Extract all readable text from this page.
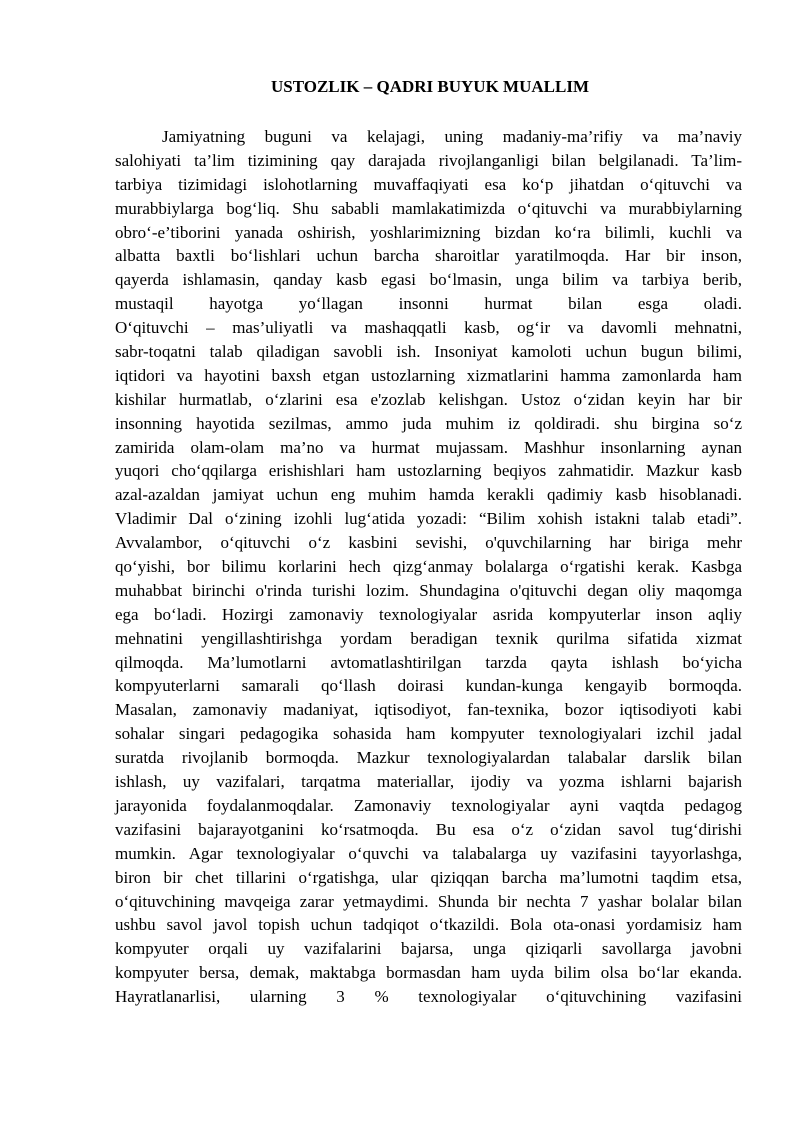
USTOZLIK – QADRI BUYUK MUALLIM
Jamiyatning buguni va kelajagi, uning madaniy-ma’rifiy va ma’naviy
salohiyati ta’lim tizimining qay darajada rivojlanganligi bilan belgilanadi. Ta’lim-
tarbiya tizimidagi islohotlarning muvaffaqiyati esa ko‘p jihatdan o‘qituvchi va
murabbiylarga bog‘liq. Shu sababli mamlakatimizda o‘qituvchi va murabbiylarning
obro‘-e’tiborini yanada oshirish, yoshlarimizning bizdan ko‘ra bilimli, kuchli va
albatta baxtli bo‘lishlari uchun barcha sharoitlar yaratilmoqda. Har bir inson,
qayerda ishlamasin, qanday kasb egasi bo‘lmasin, unga bilim va tarbiya berib,
mustaqil hayotga yo‘llagan insonni hurmat bilan esga oladi.
O‘qituvchi – mas’uliyatli va mashaqqatli kasb, og‘ir va davomli mehnatni,
sabr-toqatni talab qiladigan savobli ish. Insoniyat kamoloti uchun bugun bilimi,
iqtidori va hayotini baxsh etgan ustozlarning xizmatlarini hamma zamonlarda ham
kishilar hurmatlab, o‘zlarini esa e'zozlab kelishgan. Ustoz o‘zidan keyin har bir
insonning hayotida sezilmas, ammo juda muhim iz qoldiradi. shu birgina so‘z
zamirida olam-olam ma’no va hurmat mujassam. Mashhur insonlarning aynan
yuqori cho‘qqilarga erishishlari ham ustozlarning beqiyos zahmatidir. Mazkur kasb
azal-azaldan jamiyat uchun eng muhim hamda kerakli qadimiy kasb hisoblanadi.
Vladimir Dal o‘zining izohli lug‘atida yozadi: “Bilim xohish istakni talab etadi”.
Avvalambor, o‘qituvchi o‘z kasbini sevishi, o'quvchilarning har biriga mehr
qo‘yishi, bor bilimu korlarini hech qizg‘anmay bolalarga o‘rgatishi kerak. Kasbga
muhabbat birinchi o'rinda turishi lozim. Shundagina o'qituvchi degan oliy maqomga
ega bo‘ladi. Hozirgi zamonaviy texnologiyalar asrida kompyuterlar inson aqliy
mehnatini yengillashtirishga yordam beradigan texnik qurilma sifatida xizmat
qilmoqda. Ma’lumotlarni avtomatlashtirilgan tarzda qayta ishlash bo‘yicha
kompyuterlarni samarali qo‘llash doirasi kundan-kunga kengayib bormoqda.
Masalan, zamonaviy madaniyat, iqtisodiyot, fan-texnika, bozor iqtisodiyoti kabi
sohalar singari pedagogika sohasida ham kompyuter texnologiyalari izchil jadal
suratda rivojlanib bormoqda. Mazkur texnologiyalardan talabalar darslik bilan
ishlash, uy vazifalari, tarqatma materiallar, ijodiy va yozma ishlarni bajarish
jarayonida foydalanmoqdalar. Zamonaviy texnologiyalar ayni vaqtda pedagog
vazifasini bajarayotganini ko‘rsatmoqda. Bu esa o‘z o‘zidan savol tug‘dirishi
mumkin. Agar texnologiyalar o‘quvchi va talabalarga uy vazifasini tayyorlashga,
biron bir chet tillarini o‘rgatishga, ular qiziqqan barcha ma’lumotni taqdim etsa,
o‘qituvchining mavqeiga zarar yetmaydimi. Shunda bir nechta 7 yashar bolalar bilan
ushbu savol javol topish uchun tadqiqot o‘tkazildi. Bola ota-onasi yordamisiz ham
kompyuter orqali uy vazifalarini bajarsa, unga qiziqarli savollarga javobni
kompyuter bersa, demak, maktabga bormasdan ham uyda bilim olsa bo‘lar ekanda.
Hayratlanarlisi, ularning 3 % texnologiyalar o‘qituvchining vazifasini
